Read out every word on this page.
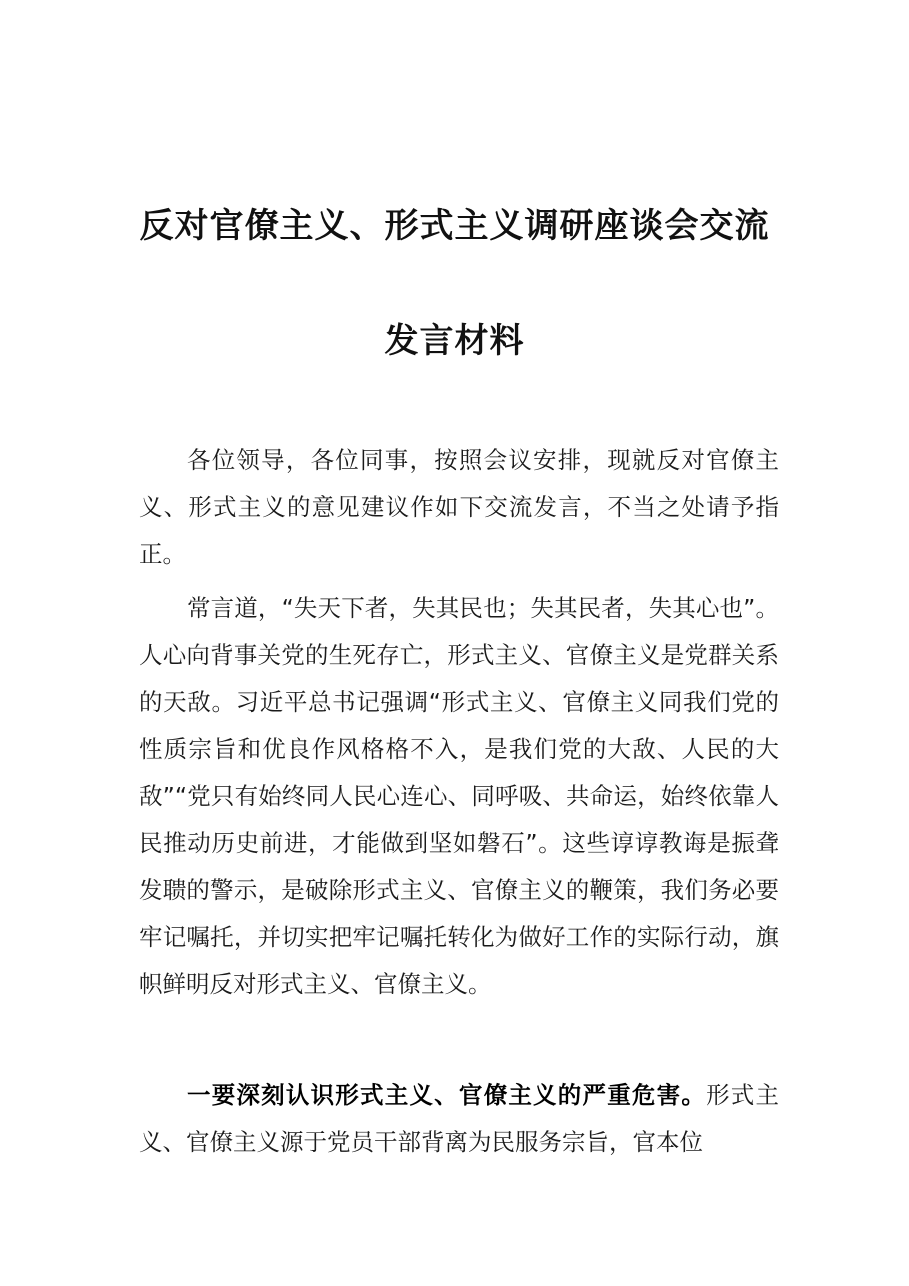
反对官僚主义、形式主义调研座谈会交流
发言材料

各位领导，各位同事，按照会议安排，现就反对官僚主义、形式主义的意见建议作如下交流发言，不当之处请予指正。

常言道，“失天下者，失其民也；失其民者，失其心也”。人心向背事关党的生死存亡，形式主义、官僚主义是党群关系的天敌。习近平总书记强调“形式主义、官僚主义同我们党的性质宗旨和优良作风格格不入，是我们党的大敌、人民的大敌”“党只有始终同人民心连心、同呼吸、共命运，始终依靠人民推动历史前进，才能做到坚如磐石”。这些谆谆教诲是振聋发聩的警示，是破除形式主义、官僚主义的鞭策，我们务必要牢记嘱托，并切实把牢记嘱托转化为做好工作的实际行动，旗帜鲜明反对形式主义、官僚主义。

一要深刻认识形式主义、官僚主义的严重危害。形式主义、官僚主义源于党员干部背离为民服务宗旨，官本位
